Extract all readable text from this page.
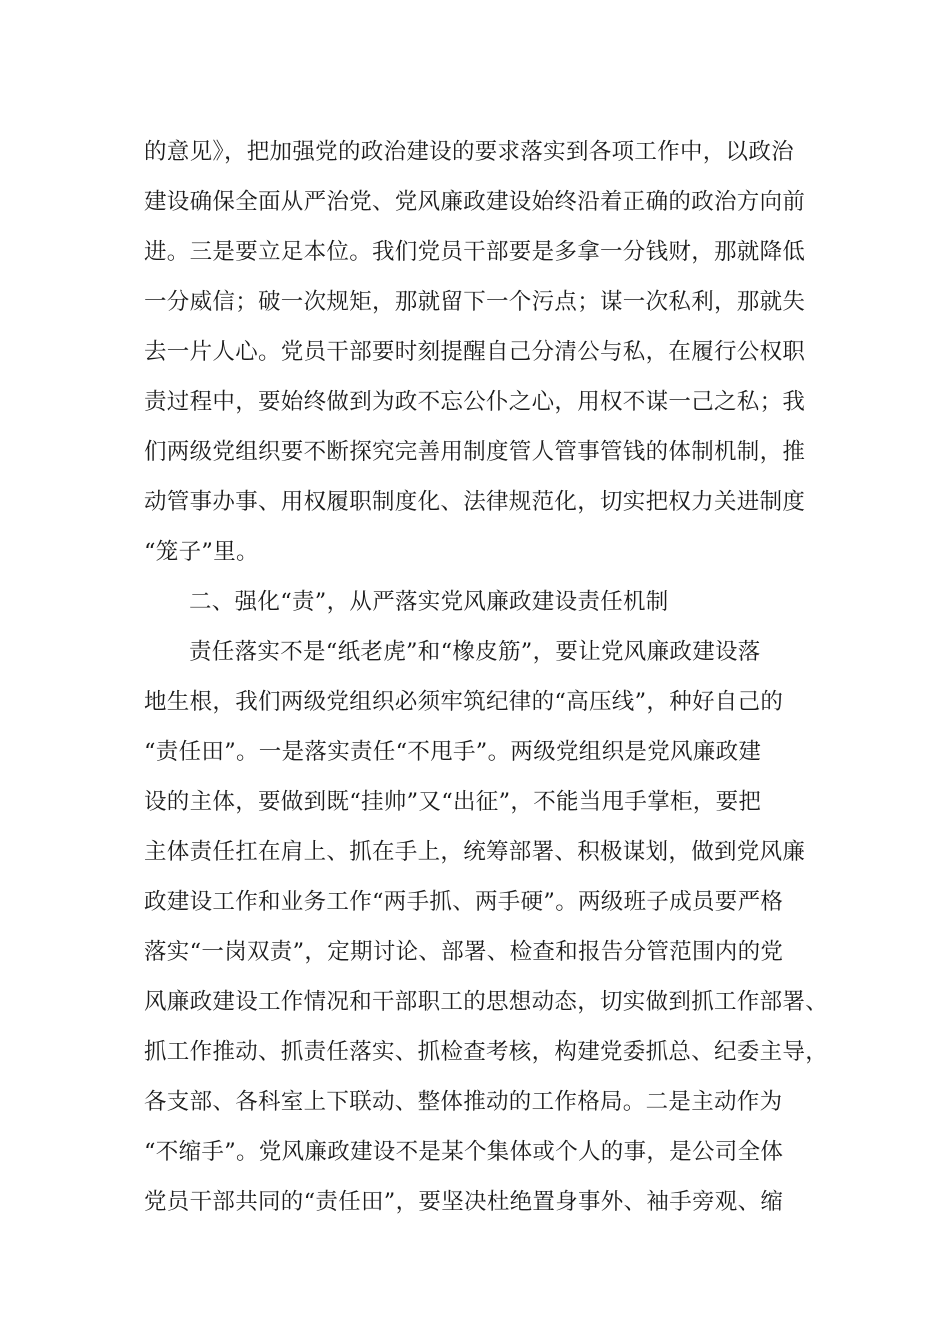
的意见》，把加强党的政治建设的要求落实到各项工作中，以政治
建设确保全面从严治党、党风廉政建设始终沿着正确的政治方向前
进。三是要立足本位。我们党员干部要是多拿一分钱财，那就降低
一分威信；破一次规矩，那就留下一个污点；谋一次私利，那就失
去一片人心。党员干部要时刻提醒自己分清公与私，在履行公权职
责过程中，要始终做到为政不忘公仆之心，用权不谋一己之私；我
们两级党组织要不断探究完善用制度管人管事管钱的体制机制，推
动管事办事、用权履职制度化、法律规范化，切实把权力关进制度
“笼子”里。
二、强化“责”，从严落实党风廉政建设责任机制
责任落实不是“纸老虎”和“橡皮筋”，要让党风廉政建设落
地生根，我们两级党组织必须牢筑纪律的“高压线”，种好自己的
“责任田”。一是落实责任“不甩手”。两级党组织是党风廉政建
设的主体，要做到既“挂帅”又“出征”，不能当甩手掌柜，要把
主体责任扛在肩上、抓在手上，统筹部署、积极谋划，做到党风廉
政建设工作和业务工作“两手抓、两手硬”。两级班子成员要严格
落实“一岗双责”，定期讨论、部署、检查和报告分管范围内的党
风廉政建设工作情况和干部职工的思想动态，切实做到抓工作部署、
抓工作推动、抓责任落实、抓检查考核，构建党委抓总、纪委主导，
各支部、各科室上下联动、整体推动的工作格局。二是主动作为
“不缩手”。党风廉政建设不是某个集体或个人的事，是公司全体
党员干部共同的“责任田”，要坚决杜绝置身事外、袖手旁观、缩
